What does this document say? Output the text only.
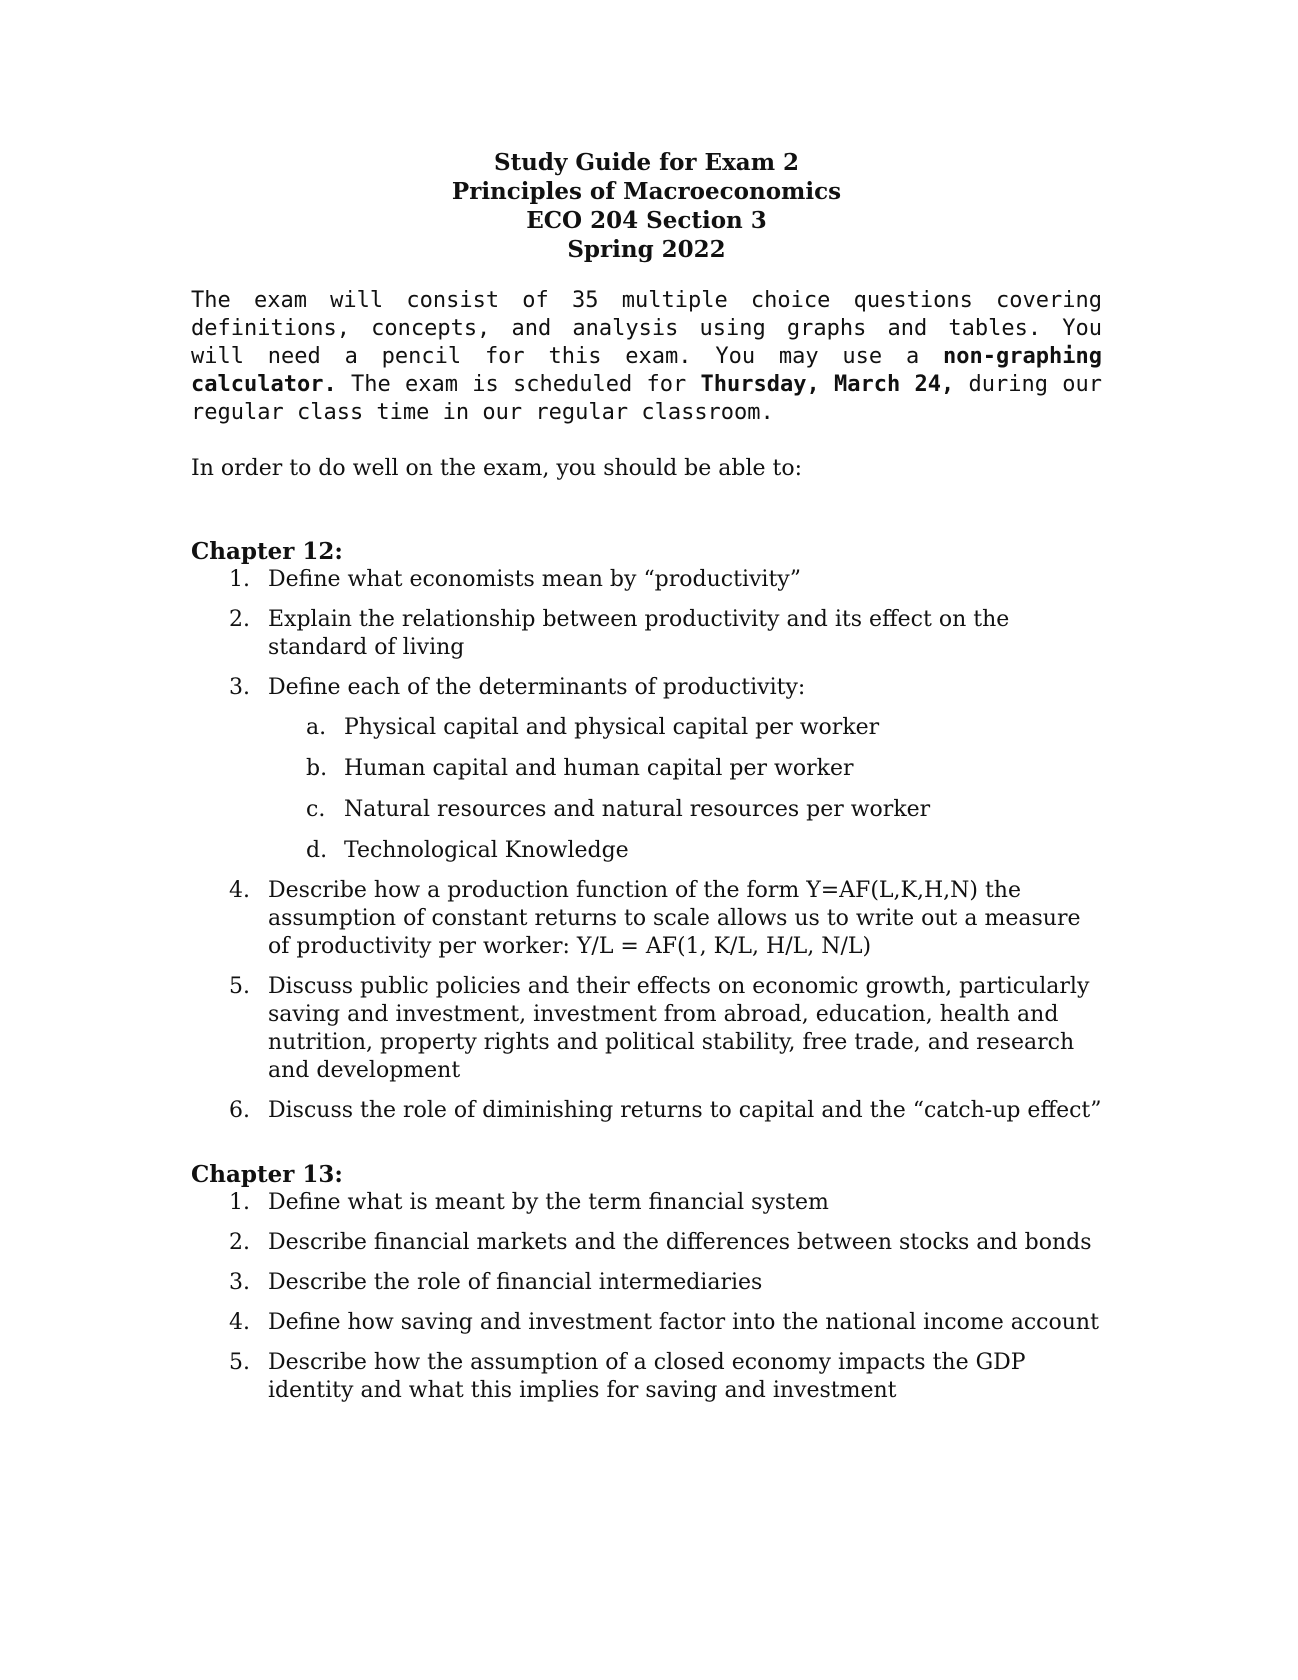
Study Guide for Exam 2
Principles of Macroeconomics
ECO 204 Section 3
Spring 2022

The exam will consist of 35 multiple choice questions covering definitions, concepts, and analysis using graphs and tables. You will need a pencil for this exam. You may use a non-graphing calculator. The exam is scheduled for Thursday, March 24, during our regular class time in our regular classroom.

In order to do well on the exam, you should be able to:

Chapter 12:
1. Define what economists mean by “productivity”
2. Explain the relationship between productivity and its effect on the standard of living
3. Define each of the determinants of productivity:
a. Physical capital and physical capital per worker
b. Human capital and human capital per worker
c. Natural resources and natural resources per worker
d. Technological Knowledge
4. Describe how a production function of the form Y=AF(L,K,H,N) the assumption of constant returns to scale allows us to write out a measure of productivity per worker: Y/L = AF(1, K/L, H/L, N/L)
5. Discuss public policies and their effects on economic growth, particularly saving and investment, investment from abroad, education, health and nutrition, property rights and political stability, free trade, and research and development
6. Discuss the role of diminishing returns to capital and the “catch-up effect”
Chapter 13:
1. Define what is meant by the term financial system
2. Describe financial markets and the differences between stocks and bonds
3. Describe the role of financial intermediaries
4. Define how saving and investment factor into the national income account
5. Describe how the assumption of a closed economy impacts the GDP identity and what this implies for saving and investment
